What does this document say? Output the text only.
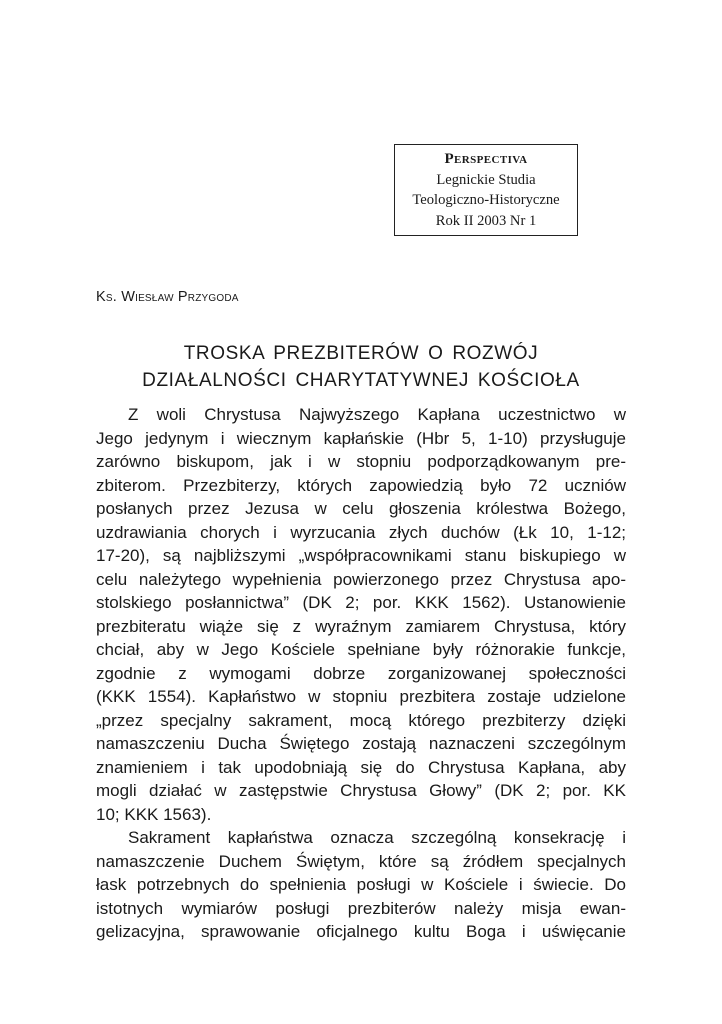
Perspectiva
Legnickie Studia
Teologiczno-Historyczne
Rok II 2003 Nr 1
Ks. Wiesław Przygoda
TROSKA PREZBITERÓW O ROZWÓJ
DZIAŁALNOŚCI CHARYTATYWNEJ KOŚCIOŁA
Z woli Chrystusa Najwyższego Kapłana uczestnictwo w
Jego jedynym i wiecznym kapłańskie (Hbr 5, 1-10) przysługuje
zarówno biskupom, jak i w stopniu podporządkowanym pre-
zbiterom. Przezbiterzy, których zapowiedzią było 72 uczniów
posłanych przez Jezusa w celu głoszenia królestwa Bożego,
uzdrawiania chorych i wyrzucania złych duchów (Łk 10, 1-12;
17-20), są najbliższymi „współpracownikami stanu biskupiego w
celu należytego wypełnienia powierzonego przez Chrystusa apo-
stolskiego posłannictwa” (DK 2; por. KKK 1562). Ustanowienie
prezbiteratu wiąże się z wyraźnym zamiarem Chrystusa, który
chciał, aby w Jego Kościele spełniane były różnorakie funkcje,
zgodnie z wymogami dobrze zorganizowanej społeczności
(KKK 1554). Kapłaństwo w stopniu prezbitera zostaje udzielone
„przez specjalny sakrament, mocą którego prezbiterzy dzięki
namaszczeniu Ducha Świętego zostają naznaczeni szczególnym
znamieniem i tak upodobniają się do Chrystusa Kapłana, aby
mogli działać w zastępstwie Chrystusa Głowy” (DK 2; por. KK
10; KKK 1563).
Sakrament kapłaństwa oznacza szczególną konsekrację i
namaszczenie Duchem Świętym, które są źródłem specjalnych
łask potrzebnych do spełnienia posługi w Kościele i świecie. Do
istotnych wymiarów posługi prezbiterów należy misja ewan-
gelizacyjna, sprawowanie oficjalnego kultu Boga i uświęcanie
